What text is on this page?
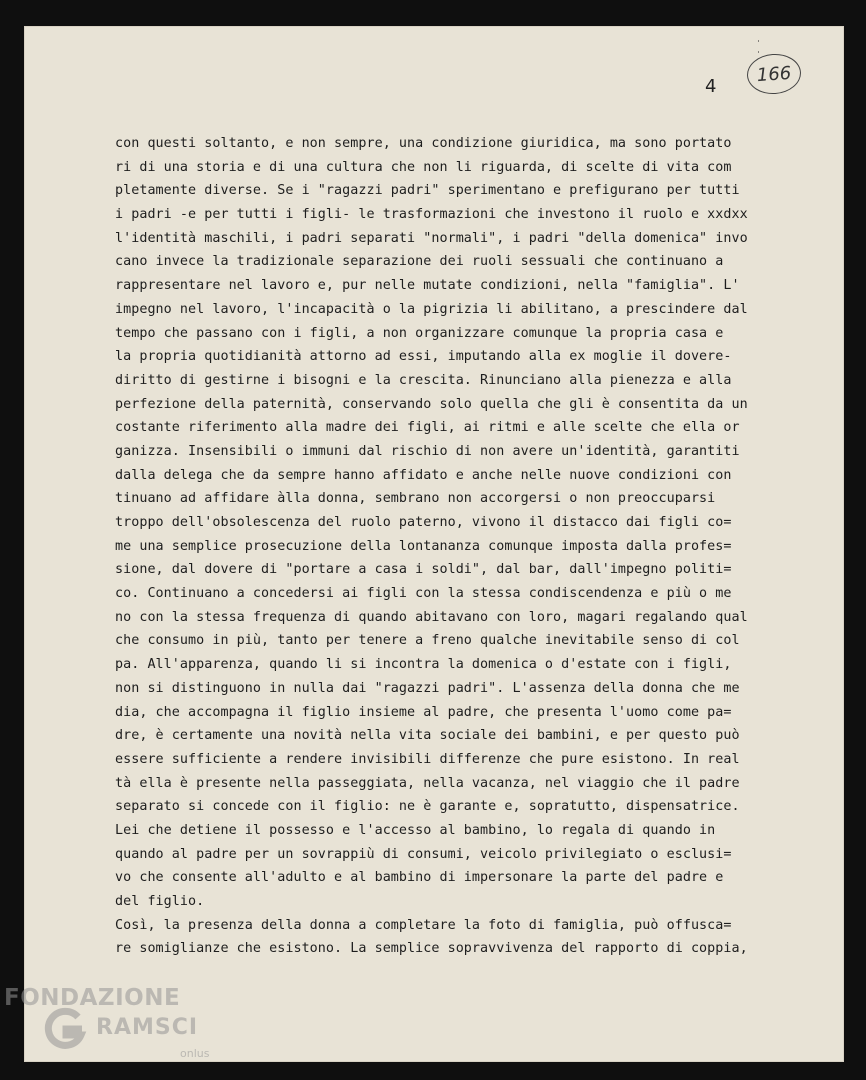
˙ ˙
166
4
con questi soltanto, e non sempre, una condizione giuridica, ma sono portato
ri di una storia e di una cultura che non li riguarda, di scelte di vita com
pletamente diverse. Se i "ragazzi padri" sperimentano e prefigurano per tutti
i padri -e per tutti i figli- le trasformazioni che investono il ruolo e xxdxx
l'identità maschili, i padri separati "normali", i padri "della domenica" invo
cano invece la tradizionale separazione dei ruoli sessuali che continuano a
rappresentare nel lavoro e, pur nelle mutate condizioni, nella "famiglia". L'
impegno nel lavoro, l'incapacità o la pigrizia li abilitano, a prescindere dal
tempo che passano con i figli, a non organizzare comunque la propria casa e
la propria quotidianità attorno ad essi, imputando alla ex moglie il dovere-
diritto di gestirne i bisogni e la crescita. Rinunciano alla pienezza e alla
perfezione della paternità, conservando solo quella che gli è consentita da un
costante riferimento alla madre dei figli, ai ritmi e alle scelte che ella or
ganizza. Insensibili o immuni dal rischio di non avere un'identità, garantiti
dalla delega che da sempre hanno affidato e anche nelle nuove condizioni con
tinuano ad affidare àlla donna, sembrano non accorgersi o non preoccuparsi
troppo dell'obsolescenza del ruolo paterno, vivono il distacco dai figli co=
me una semplice prosecuzione della lontananza comunque imposta dalla profes=
sione, dal dovere di "portare a casa i soldi", dal bar, dall'impegno politi=
co. Continuano a concedersi ai figli con la stessa condiscendenza e più o me
no con la stessa frequenza di quando abitavano con loro, magari regalando qual
che consumo in più, tanto per tenere a freno qualche inevitabile senso di col
pa. All'apparenza, quando li si incontra la domenica o d'estate con i figli,
non si distinguono in nulla dai "ragazzi padri". L'assenza della donna che me
dia, che accompagna il figlio insieme al padre, che presenta l'uomo come pa=
dre, è certamente una novità nella vita sociale dei bambini, e per questo può
essere sufficiente a rendere invisibili differenze che pure esistono. In real
tà ella è presente nella passeggiata, nella vacanza, nel viaggio che il padre
separato si concede con il figlio: ne è garante e, sopratutto, dispensatrice.
Lei che detiene il possesso e l'accesso al bambino, lo regala di quando in
quando al padre per un sovrappiù di consumi, veicolo privilegiato o esclusi=
vo che consente all'adulto e al bambino di impersonare la parte del padre e
del figlio.
Così, la presenza della donna a completare la foto di famiglia, può offusca=
re somiglianze che esistono. La semplice sopravvivenza del rapporto di coppia,
FONDAZIONE
RAMSCI
onlus
